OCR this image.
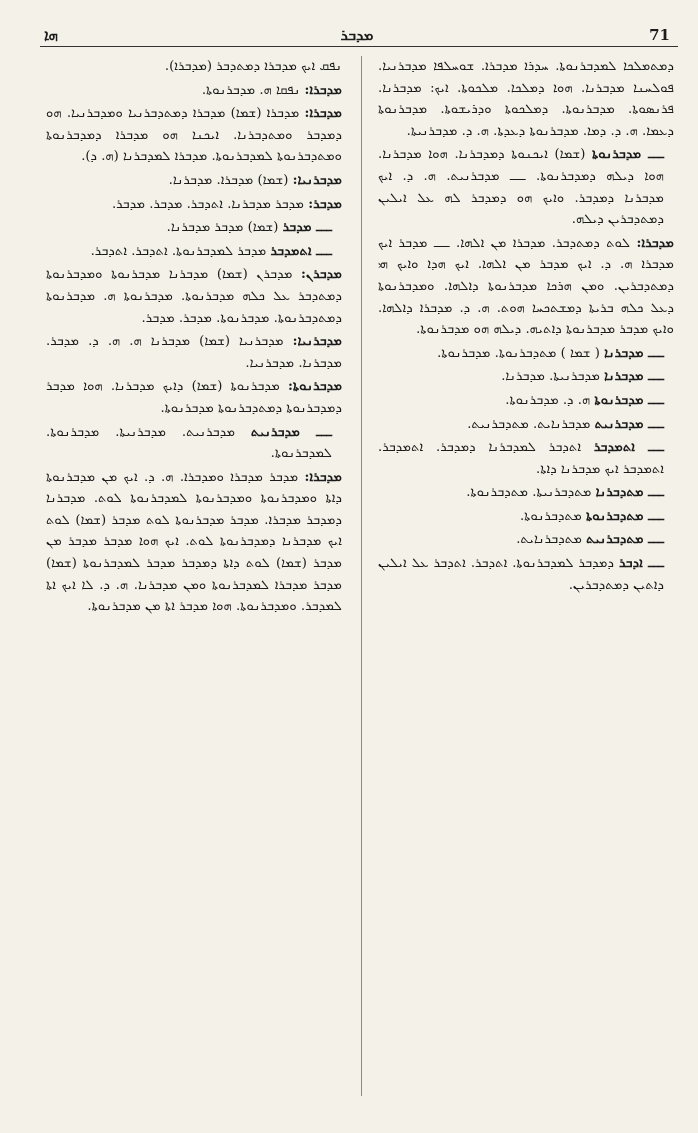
ܗܐ	ܡܕܒܪ	71

ܕܡܬܡܠܟܐ ܠܡܕܒܪܢܘܬܐ. ܚܕܪܐ ܡܕܒܪܐ. ܫܘܚܠܦܐ ܡܕܒܪܢܝܐ. ܦܘܠܚܢܐ ܡܕܒܪܢܐ. ܗܘܐ ܕܡܠܟܐ. ܡܠܟܘܬܐ. ܐܝܟ: ܡܕܒܪܢܐ. ܦܪܢܣܘܬܐ. ܡܕܒܪܢܘܬܐ. ܕܡܠܟܘܬܐ ܘܕܪܝܫܘܬܐ. ܡܕܒܪܢܘܬܐ ܕܥܡܐ. ܗ. ܕ. ܕܡܐ. ܡܕܒܪܢܘܬܐ ܕܥܕܬܐ. ܗ. ܕ. ܡܕܒܪܢܝܬܐ.

ـــ ܡܕܒܪܢܘܬܐ (ܫܡܐ) ܐܝܟܢܘܬܐ ܕܡܕܒܪܢܐ. ܗܘܐ ܡܕܒܪܢܐ. ܗܘܐ ܕܝܠܗ ܕܡܕܒܪܢܘܬܐ. ـــ ܡܕܒܪܢܝܬ. ܗ. ܕ. ܐܝܟ ܡܕܒܪܢܐ ܕܡܕܒܪ. ܘܐܝܟ ܗܘ ܕܡܕܒܪ ܠܗ ܥܠ ܐܝܠܝܢ ܕܡܬܕܒܪܝܢ ܕܝܠܗ.

ܡܕܒܪܐ: ܠܘܬ ܕܡܬܕܒܪ. ܡܕܒܪܐ ܡܢ ܐܠܗܐ. ـــ ܡܕܒܪ ܐܝܟ ܡܕܒܪܐ ܗ. ܕ. ܐܝܟ ܡܕܒܪ ܡܢ ܐܠܗܐ. ܐܝܟ ܗܕܐ ܘܐܝܟ ܗܝ ܕܡܬܕܒܪܝܢ. ܘܡܢ ܗܪܟܐ ܡܕܒܪܢܘܬܐ ܕܐܠܗܐ. ܘܡܕܒܪܢܘܬܐ ܕܥܠ ܟܠܗ ܒܪܝܬܐ ܕܡܫܬܟܚܐ ܗܘܬ. ܗ. ܕ. ܡܕܒܪܐ ܕܐܠܗܐ. ܘܐܝܟ ܡܕܒܪ ܡܕܒܪܢܘܬܐ ܕܐܬܝܗ. ܕܝܠܗ ܗܘ ܡܕܒܪܢܘܬܐ.

ـــ ܡܕܒܪܢܐ ( ܫܡܐ ) ܡܬܕܒܪܢܘܬܐ. ܡܕܒܪܢܘܬܐ.

ـــ ܡܕܒܪܢܐ ܡܕܒܪܢܝܬܐ. ܡܕܒܪܢܐ.

ـــ ܡܕܒܪܢܘܬܐ ܗ. ܕ. ܡܕܒܪܢܘܬܐ.

ـــ ܡܕܒܪܢܝܬ ܡܕܒܪܢܐܝܬ. ܡܬܕܒܪܢܝܬ.

ـــ ܐܬܡܕܒܪ ܐܬܕܒܪ ܠܡܕܒܪܢܐ ܕܡܕܒܪ. ܐܬܡܕܒܪ. ܐܬܡܕܒܪ ܐܝܟ ܡܕܒܪܢܐ ܕܐܬܐ.

ـــ ܡܬܕܒܪܢܐ ܡܬܕܒܪܢܝܬܐ. ܡܬܕܒܪܢܘܬܐ.

ـــ ܡܬܕܒܪܢܘܬܐ ܡܬܕܒܪܢܘܬܐ.

ـــ ܡܬܕܒܪܢܝܬ ܡܬܕܒܪܢܐܝܬ.

ـــ ܐܕܒܪ ܕܡܕܒܪ ܠܡܕܒܪܢܘܬܐ. ܐܬܕܒܪ. ܐܬܕܒܪ ܥܠ ܐܝܠܝܢ ܕܐܬܝܢ ܕܡܬܕܒܪܝܢ.

ܢܦܩ ܐܝܟ ܡܕܒܪܐ ܕܡܬܕܒܪ (ܡܕܒܪܐ).

ܡܕܒܪܐ: ܢܦܩܐ ܗ. ܡܕܒܪܢܘܬܐ.

ܡܕܒܪܐ: ܡܕܒܪܐ (ܫܡܐ) ܡܕܒܪܐ ܕܡܬܕܒܪܢܝܐ ܘܡܕܒܪܢܝܐ. ܗܘ ܕܡܕܒܪ ܘܡܬܕܒܪܢܐ. ܐܝܟܢܐ ܗܘ ܡܕܒܪܐ ܕܡܕܒܪܢܘܬܐ ܘܡܬܕܒܪܢܘܬܐ ܠܡܕܒܪܢܘܬܐ. ܡܕܒܪܐ ܠܡܕܒܪܢܐ (ܗ. ܕ).

ܡܕܒܪܢܝܐ: (ܫܡܐ) ܡܕܒܪܐ. ܡܕܒܪܢܐ.

ܡܕܒܪ: ܡܕܒܪ ܡܕܒܪܢܐ. ܐܬܕܒܪ. ܡܕܒܪ. ܡܕܒܪ.

ـــ ܡܕܒܪ (ܫܡܐ) ܡܕܒܪ ܡܕܒܪܢܐ.

ـــ ܐܬܡܕܒܪ ܡܕܒܪ ܠܡܕܒܪܢܘܬܐ. ܐܬܕܒܪ. ܐܬܕܒܪ.

ܡܕܒܪܢ: ܡܕܒܪܢ (ܫܡܐ) ܡܕܒܪܢܐ ܡܕܒܪܢܘܬܐ ܘܡܕܒܪܢܘܬܐ ܕܡܬܕܒܪ ܥܠ ܟܠܗ ܡܕܒܪܢܘܬܐ. ܡܕܒܪܢܘܬܐ ܗ. ܡܕܒܪܢܘܬܐ ܕܡܬܕܒܪܢܘܬܐ. ܡܕܒܪܢܘܬܐ. ܡܕܒܪ. ܡܕܒܪ.

ܡܕܒܪܢܝܐ: ܡܕܒܪܢܝܐ (ܫܡܐ) ܡܕܒܪܢܐ ܗ. ܗ. ܕ. ܡܕܒܪ. ܡܕܒܪܢܐ. ܡܕܒܪܢܝܐ.

ܡܕܒܪܢܘܬܐ: ܡܕܒܪܢܘܬܐ (ܫܡܐ) ܕܐܝܟ ܡܕܒܪܢܐ. ܗܘܐ ܡܕܒܪ ܕܡܕܒܪܢܘܬܐ ܕܡܬܕܒܪܢܘܬܐ ܡܕܒܪܢܘܬܐ.

ـــ ܡܕܒܪܢܝܬ ܡܕܒܪܢܝܬ. ܡܕܒܪܢܝܬܐ. ܡܕܒܪܢܘܬܐ. ܠܡܕܒܪܢܘܬܐ.

ܡܕܒܪܐ: ܡܕܒܪ ܡܕܒܪܐ ܘܡܕܒܪܐ. ܗ. ܕ. ܐܝܟ ܡܢ ܡܕܒܪܢܘܬܐ ܕܐܬܐ ܘܡܕܒܪܢܘܬܐ ܘܡܕܒܪܢܘܬܐ ܠܡܕܒܪܢܘܬܐ ܠܘܬ. ܡܕܒܪܢܐ ܕܡܕܒܪ ܡܕܒܪܐ. ܡܕܒܪ ܡܕܒܪܢܘܬܐ ܠܘܬ ܡܕܒܪ (ܫܡܐ) ܠܘܬ ܐܝܟ ܡܕܒܪܢܐ ܕܡܕܒܪܢܘܬܐ ܠܘܬ. ܐܝܟ ܗܘܐ ܡܕܒܪ ܡܕܒܪ ܡܢ ܡܕܒܪ (ܫܡܐ) ܠܘܬ ܕܐܬܐ ܕܡܕܒܪ ܡܕܒܪ ܠܡܕܒܪܢܘܬܐ (ܫܡܐ) ܡܕܒܪ ܡܕܒܪܐ ܠܡܕܒܪܢܘܬܐ ܘܡܢ ܡܕܒܪܢܐ. ܗ. ܕ. ܠܐ ܐܝܟ ܐܬܐ ܠܡܕܒܪ. ܘܡܕܒܪܢܘܬܐ. ܗܘܐ ܡܕܒܪ ܐܬܐ ܡܢ ܡܕܒܪܢܘܬܐ.
